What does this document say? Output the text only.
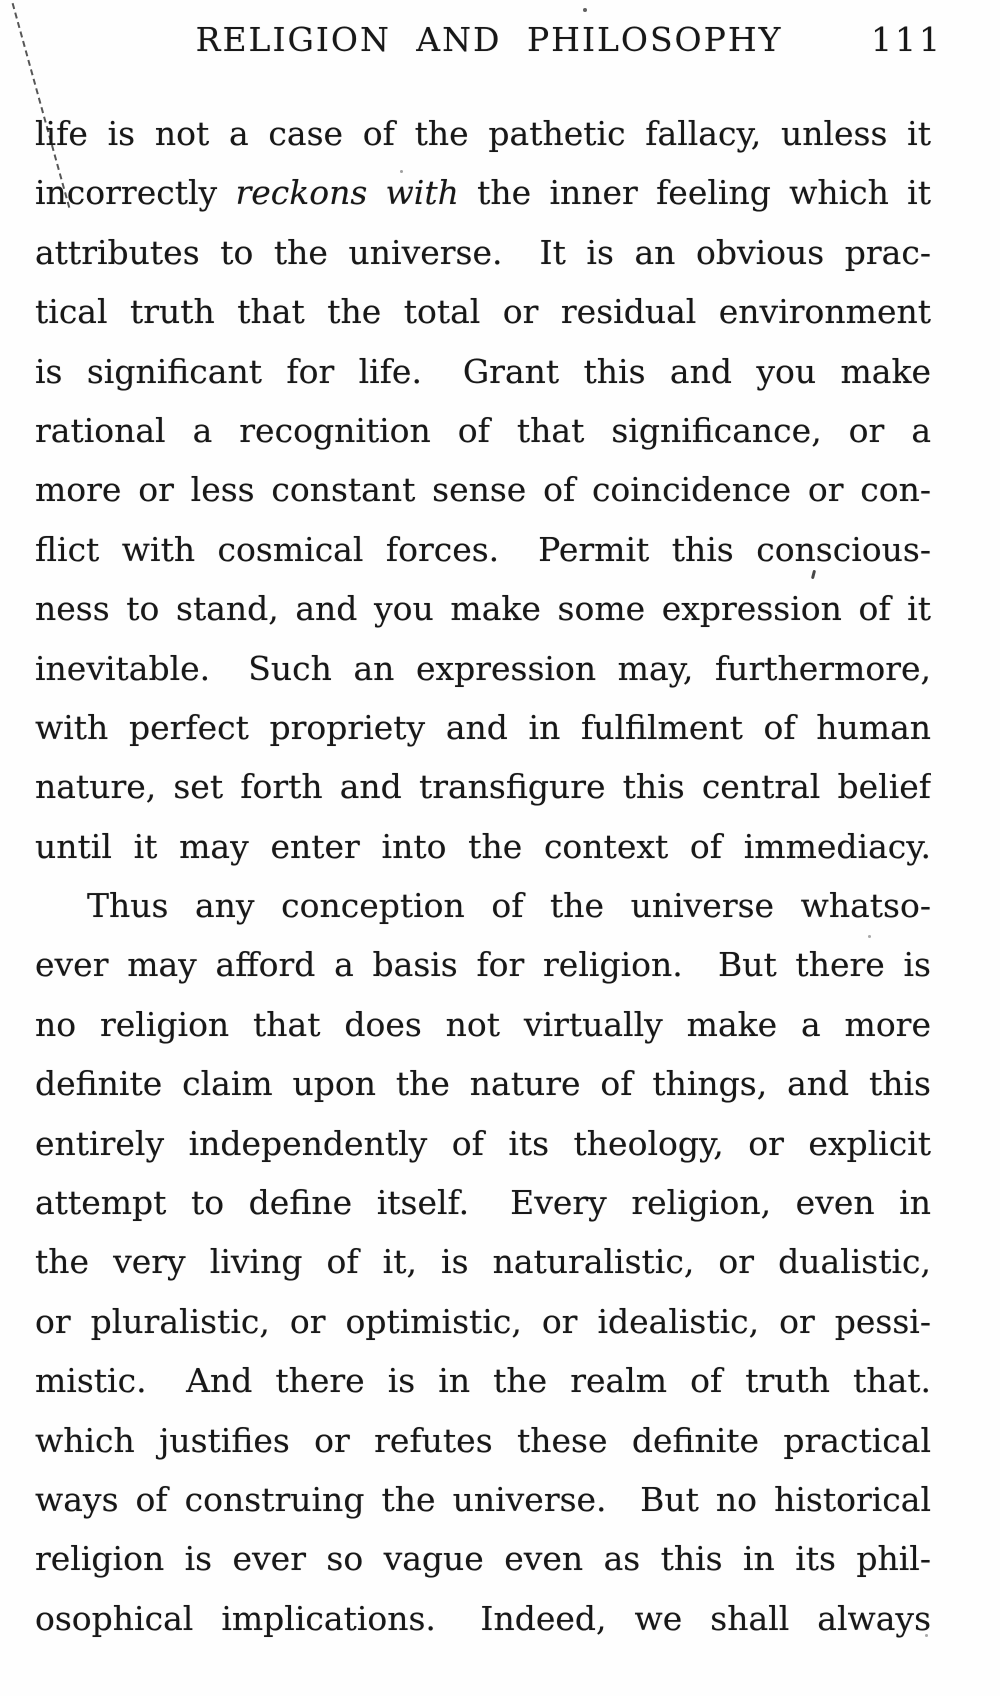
RELIGION AND PHILOSOPHY	111
life is not a case of the pathetic fallacy, unless it
incorrectly reckons with the inner feeling which it
attributes to the universe.  It is an obvious prac-
tical truth that the total or residual environment
is significant for life.  Grant this and you make
rational a recognition of that significance, or a
more or less constant sense of coincidence or con-
flict with cosmical forces.  Permit this conscious-
ness to stand, and you make some expression of it
inevitable.  Such an expression may, furthermore,
with perfect propriety and in fulfilment of human
nature, set forth and transfigure this central belief
until it may enter into the context of immediacy.
Thus any conception of the universe whatso-
ever may afford a basis for religion.  But there is
no religion that does not virtually make a more
definite claim upon the nature of things, and this
entirely independently of its theology, or explicit
attempt to define itself.  Every religion, even in
the very living of it, is naturalistic, or dualistic,
or pluralistic, or optimistic, or idealistic, or pessi-
mistic.  And there is in the realm of truth that.
which justifies or refutes these definite practical
ways of construing the universe.  But no historical
religion is ever so vague even as this in its phil-
osophical implications.  Indeed, we shall always
